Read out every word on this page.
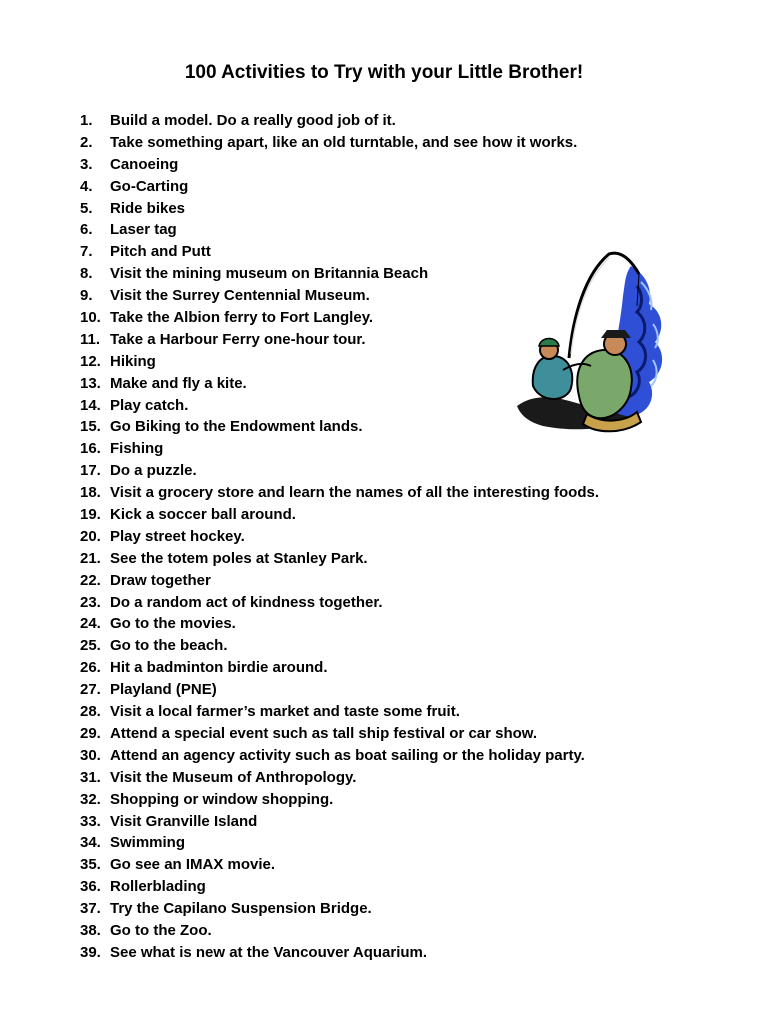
100 Activities to Try with your Little Brother!
1. Build a model. Do a really good job of it.
2. Take something apart, like an old turntable, and see how it works.
3. Canoeing
4. Go-Carting
5. Ride bikes
6. Laser tag
7. Pitch and Putt
8. Visit the mining museum on Britannia Beach
9. Visit the Surrey Centennial Museum.
10. Take the Albion ferry to Fort Langley.
11. Take a Harbour Ferry one-hour tour.
12. Hiking
13. Make and fly a kite.
14. Play catch.
15. Go Biking to the Endowment lands.
16. Fishing
17. Do a puzzle.
18. Visit a grocery store and learn the names of all the interesting foods.
19. Kick a soccer ball around.
20. Play street hockey.
21. See the totem poles at Stanley Park.
22. Draw together
23. Do a random act of kindness together.
24. Go to the movies.
25. Go to the beach.
26. Hit a badminton birdie around.
27. Playland (PNE)
28. Visit a local farmer’s market and taste some fruit.
29. Attend a special event such as tall ship festival or car show.
30. Attend an agency activity such as boat sailing or the holiday party.
31. Visit the Museum of Anthropology.
32. Shopping or window shopping.
33. Visit Granville Island
34. Swimming
35. Go see an IMAX movie.
36. Rollerblading
37. Try the Capilano Suspension Bridge.
38. Go to the Zoo.
39. See what is new at the Vancouver Aquarium.
